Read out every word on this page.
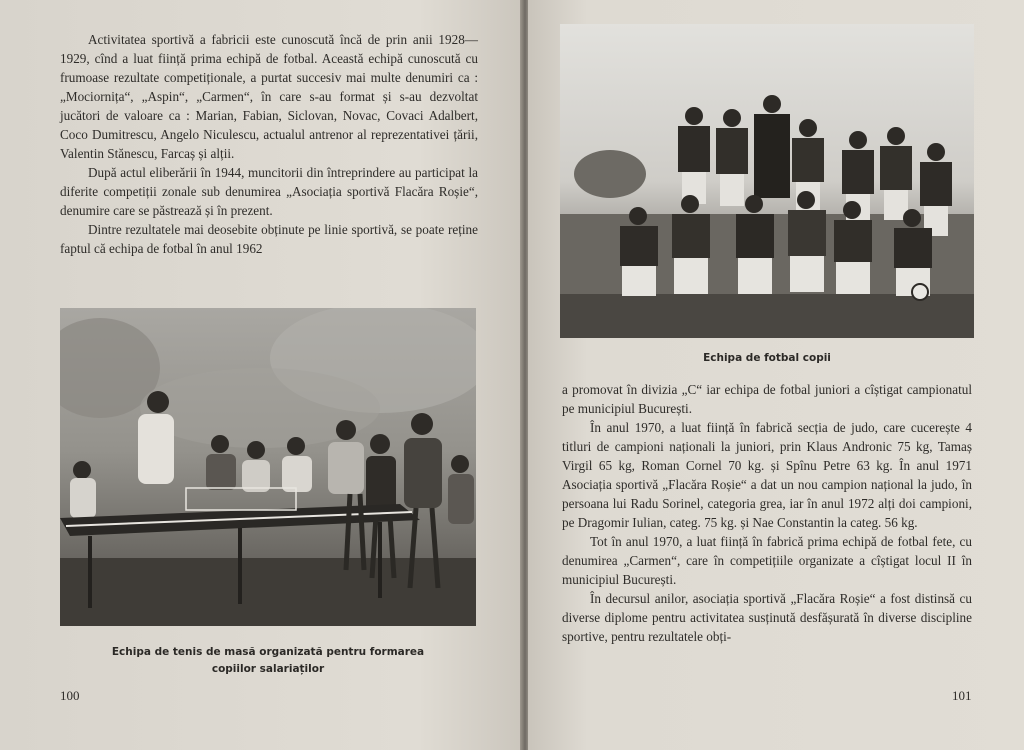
Activitatea sportivă a fabricii este cunoscută încă de prin anii 1928—1929, cînd a luat ființă prima echipă de fotbal. Această echipă cunoscută cu frumoase rezultate competiționale, a purtat succesiv mai multe denumiri ca : „Mociornița“, „Aspin“, „Carmen“, în care s-au format și s-au dezvoltat jucători de valoare ca : Marian, Fabian, Siclovan, Novac, Covaci Adalbert, Coco Dumitrescu, Angelo Niculescu, actualul antrenor al reprezentativei țării, Valentin Stănescu, Farcaș și alții.

După actul eliberării în 1944, muncitorii din întreprindere au participat la diferite competiții zonale sub denumirea „Asociația sportivă Flacăra Roșie“, denumire care se păstrează și în prezent.

Dintre rezultatele mai deosebite obținute pe linie sportivă, se poate reține faptul că echipa de fotbal în anul 1962

Echipa de tenis de masă organizată pentru formarea
copiilor salariaților
100
Echipa de fotbal copii

a promovat în divizia „C“ iar echipa de fotbal juniori a cîștigat campionatul pe municipiul București.

În anul 1970, a luat ființă în fabrică secția de judo, care cucerește 4 titluri de campioni naționali la juniori, prin Klaus Andronic 75 kg, Tamaș Virgil 65 kg, Roman Cornel 70 kg. și Spînu Petre 63 kg. În anul 1971 Asociația sportivă „Flacăra Roșie“ a dat un nou campion național la judo, în persoana lui Radu Sorinel, categoria grea, iar în anul 1972 alți doi campioni, pe Dragomir Iulian, categ. 75 kg. și Nae Constantin la categ. 56 kg.

Tot în anul 1970, a luat ființă în fabrică prima echipă de fotbal fete, cu denumirea „Carmen“, care în competițiile organizate a cîștigat locul II în municipiul București.

În decursul anilor, asociația sportivă „Flacăra Roșie“ a fost distinsă cu diverse diplome pentru activitatea susținută desfășurată în diverse discipline sportive, pentru rezultatele obți-

101
